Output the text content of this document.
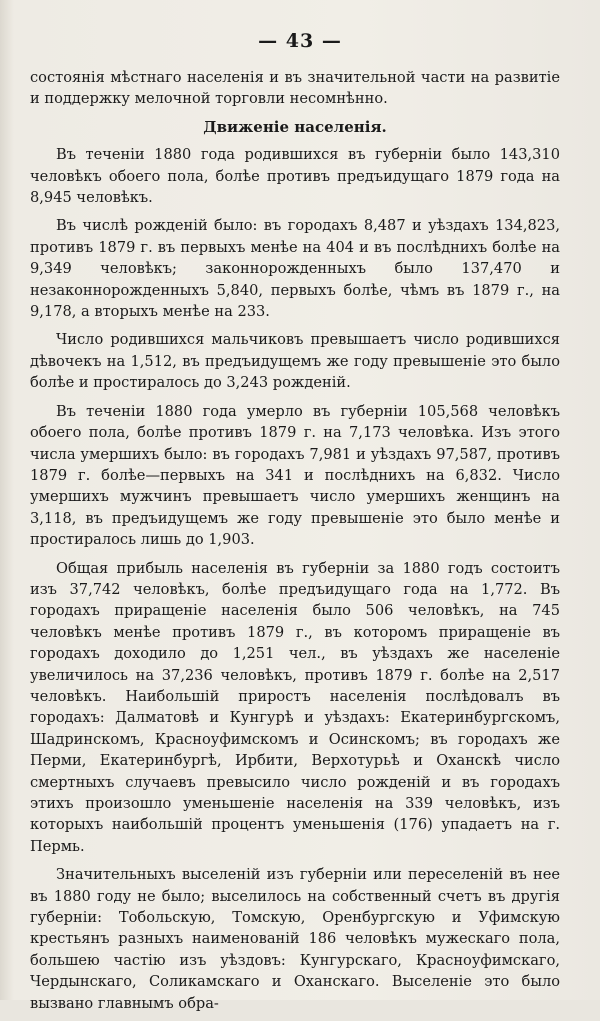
— 43 —

состоянія мѣстнаго населенія и въ значительной части на развитіе и поддержку мелочной торговли несомнѣнно.

Движеніе населенія.

Въ теченіи 1880 года родившихся въ губерніи было 143,310 человѣкъ обоего пола, болѣе противъ предъидущаго 1879 года на 8,945 человѣкъ.

Въ числѣ рожденій было: въ городахъ 8,487 и уѣздахъ 134,823, противъ 1879 г. въ первыхъ менѣе на 404 и въ послѣднихъ болѣе на 9,349 человѣкъ; законнорожденныхъ было 137,470 и незаконнорожденныхъ 5,840, первыхъ болѣе, чѣмъ въ 1879 г., на 9,178, а вторыхъ менѣе на 233.

Число родившихся мальчиковъ превышаетъ число родившихся дѣвочекъ на 1,512, въ предъидущемъ же году превышеніе это было болѣе и простиралось до 3,243 рожденій.

Въ теченіи 1880 года умерло въ губерніи 105,568 человѣкъ обоего пола, болѣе противъ 1879 г. на 7,173 человѣка. Изъ этого числа умершихъ было: въ городахъ 7,981 и уѣздахъ 97,587, противъ 1879 г. болѣе—первыхъ на 341 и послѣднихъ на 6,832. Число умершихъ мужчинъ превышаетъ число умершихъ женщинъ на 3,118, въ предъидущемъ же году превышеніе это было менѣе и простиралось лишь до 1,903.

Общая прибыль населенія въ губерніи за 1880 годъ состоитъ изъ 37,742 человѣкъ, болѣе предъидущаго года на 1,772. Въ городахъ приращеніе населенія было 506 человѣкъ, на 745 человѣкъ менѣе противъ 1879 г., въ которомъ приращеніе въ городахъ доходило до 1,251 чел., въ уѣздахъ же населеніе увеличилось на 37,236 человѣкъ, противъ 1879 г. болѣе на 2,517 человѣкъ. Наибольшій приростъ населенія послѣдовалъ въ городахъ: Далматовѣ и Кунгурѣ и уѣздахъ: Екатеринбургскомъ, Шадринскомъ, Красноуфимскомъ и Осинскомъ; въ городахъ же Перми, Екатеринбургѣ, Ирбити, Верхотурьѣ и Оханскѣ число смертныхъ случаевъ превысило число рожденій и въ городахъ этихъ произошло уменьшеніе населенія на 339 человѣкъ, изъ которыхъ наибольшій процентъ уменьшенія (176) упадаетъ на г. Пермь.

Значительныхъ выселеній изъ губерніи или переселеній въ нее въ 1880 году не было; выселилось на собственный счетъ въ другія губерніи: Тобольскую, Томскую, Оренбургскую и Уфимскую крестьянъ разныхъ наименованій 186 человѣкъ мужескаго пола, большею частію изъ уѣздовъ: Кунгурскаго, Красноуфимскаго, Чердынскаго, Соликамскаго и Оханскаго. Выселеніе это было вызвано главнымъ обра-
